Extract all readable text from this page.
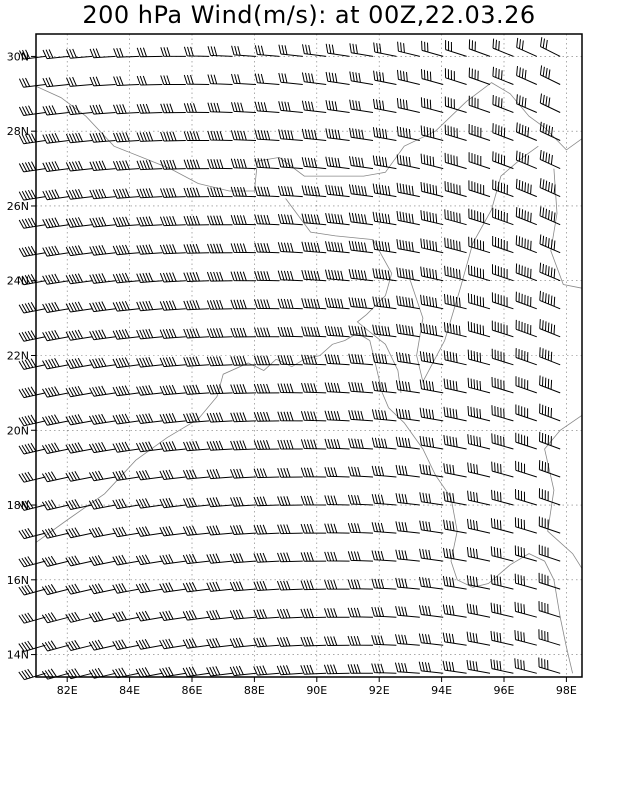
200 hPa Wind(m/s): at 00Z,22.03.26
82E	84E	86E	88E	90E	92E	94E	96E	98E
14N
16N
18N
20N
22N
24N
26N
28N
30N
